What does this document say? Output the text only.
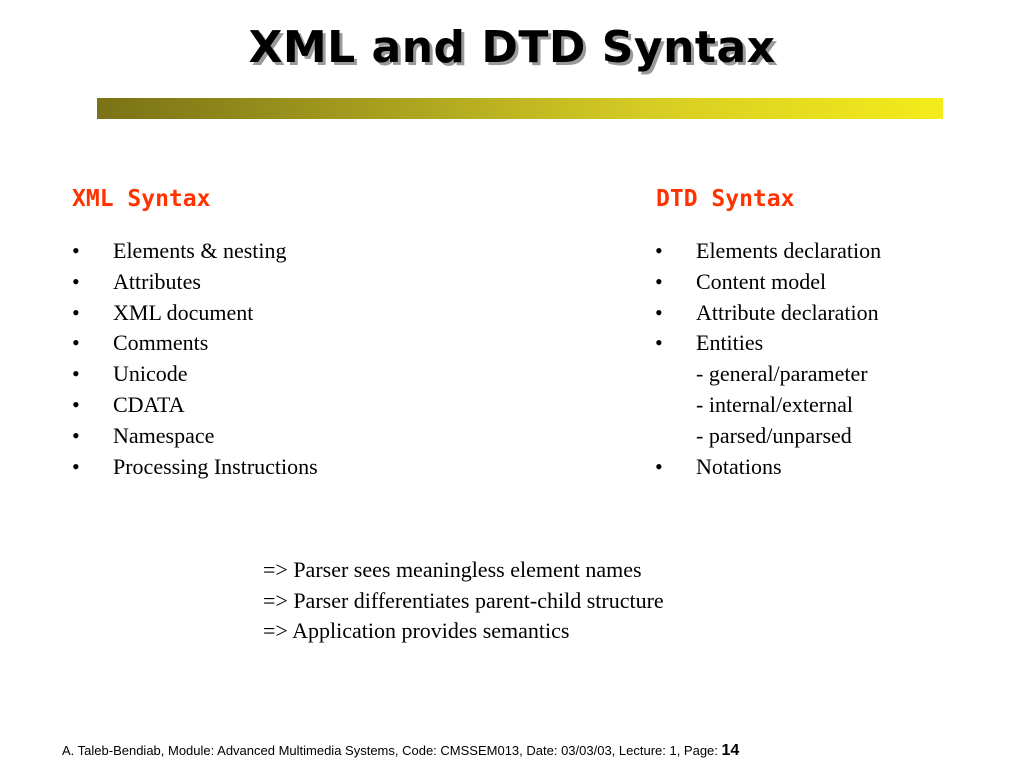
XML and DTD Syntax
XML Syntax
• Elements & nesting
• Attributes
• XML document
• Comments
• Unicode
• CDATA
• Namespace
• Processing Instructions
DTD Syntax
• Elements declaration
• Content model
• Attribute declaration
• Entities
- general/parameter
- internal/external
- parsed/unparsed
• Notations
=> Parser sees meaningless element names
=> Parser differentiates parent-child structure
=> Application provides semantics
A. Taleb-Bendiab, Module: Advanced Multimedia Systems, Code: CMSSEM013, Date: 03/03/03, Lecture: 1, Page: 14
